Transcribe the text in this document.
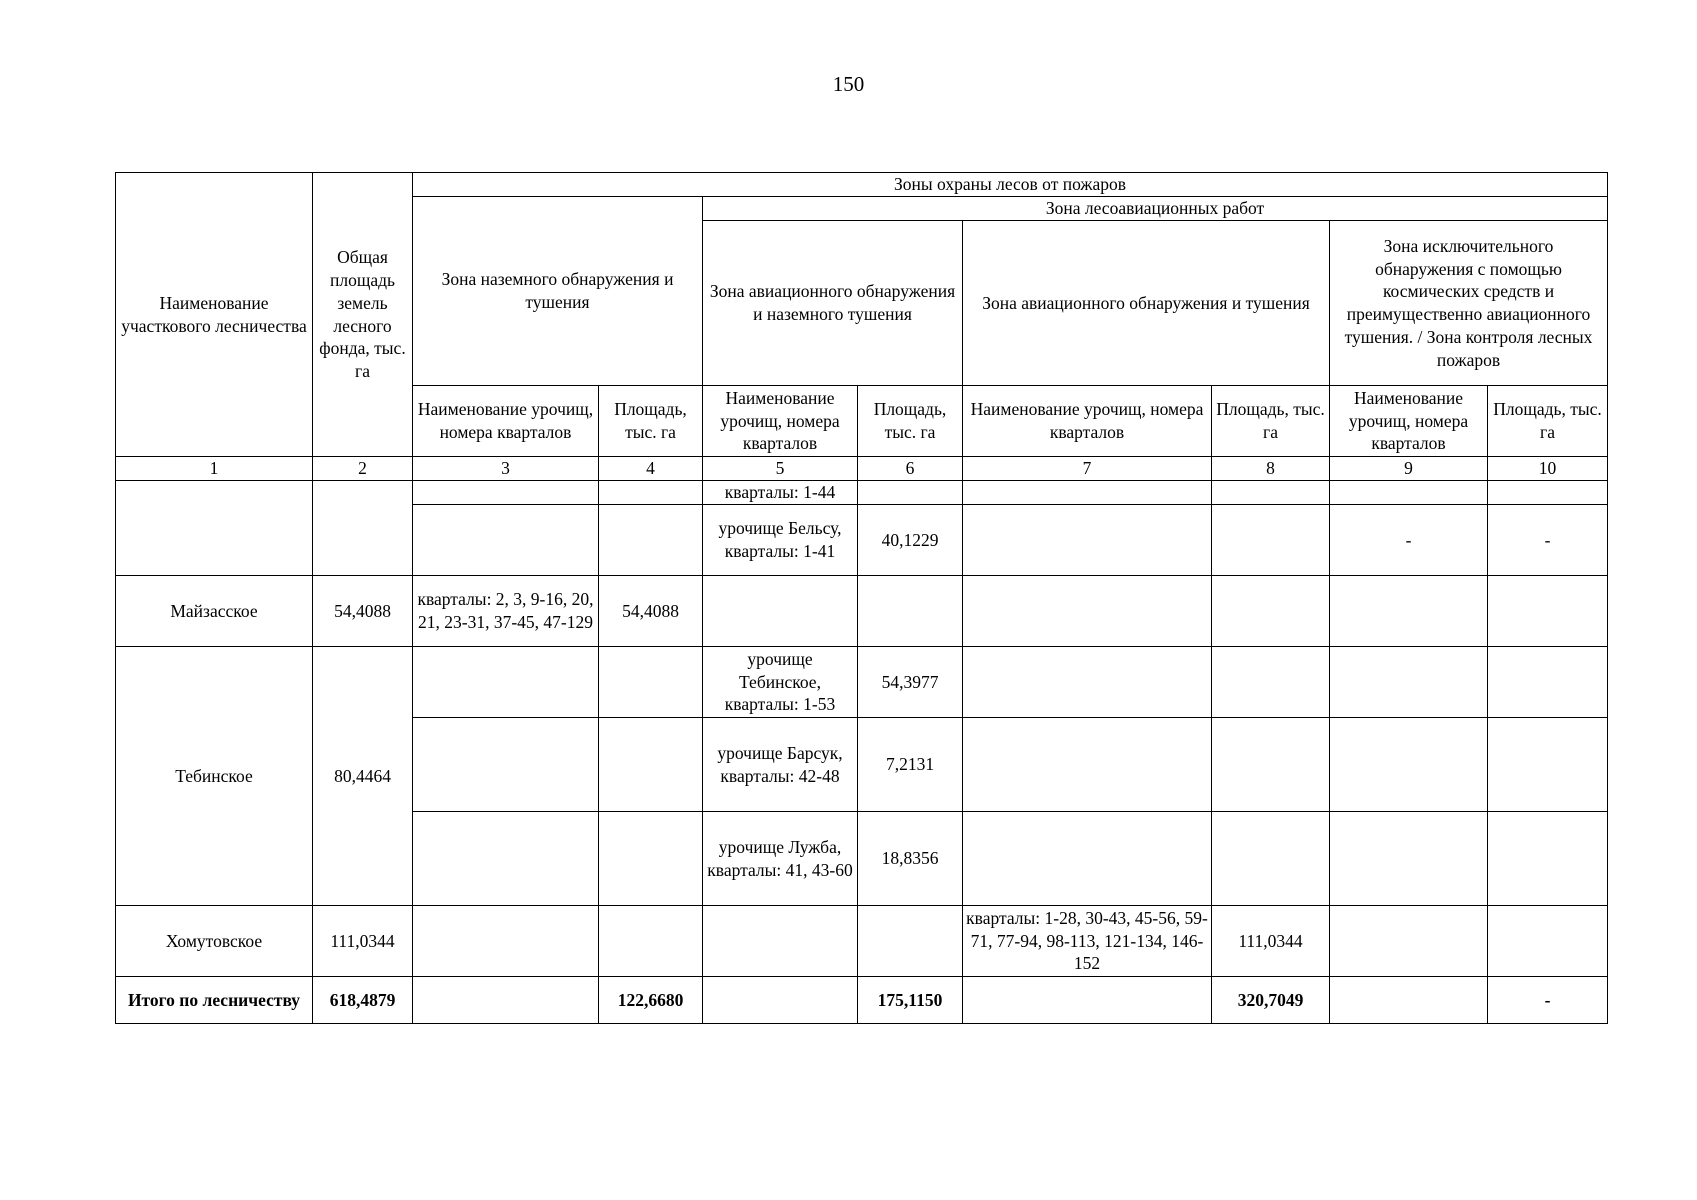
150
Наименование участкового лесничества	Общая площадь земель лесного фонда, тыс. га	Зоны охраны лесов от пожаров							
		Зона наземного обнаружения и тушения		Зона лесоавиационных работ					
				Зона авиационного обнаружения и наземного тушения		Зона авиационного обнаружения и тушения		Зона исключительного обнаружения с помощью космических средств и преимущественно авиационного тушения. / Зона контроля лесных пожаров	
		Наименование урочищ, номера кварталов	Площадь, тыс. га	Наименование урочищ, номера кварталов	Площадь, тыс. га	Наименование урочищ, номера кварталов	Площадь, тыс. га	Наименование урочищ, номера кварталов	Площадь, тыс. га
1	2	3	4	5	6	7	8	9	10
				кварталы: 1-44					
				урочище Бельсу, кварталы: 1-41	40,1229			-	-
Майзасское	54,4088	кварталы: 2, 3, 9-16, 20, 21, 23-31, 37-45, 47-129	54,4088						
Тебинское	80,4464			урочище Тебинское, кварталы: 1-53	54,3977				
				урочище Барсук, кварталы: 42-48	7,2131				
				урочище Лужба, кварталы: 41, 43-60	18,8356				
Хомутовское	111,0344					кварталы: 1-28, 30-43, 45-56, 59-71, 77-94, 98-113, 121-134, 146-152	111,0344		
Итого по лесничеству	618,4879		122,6680		175,1150		320,7049		-
